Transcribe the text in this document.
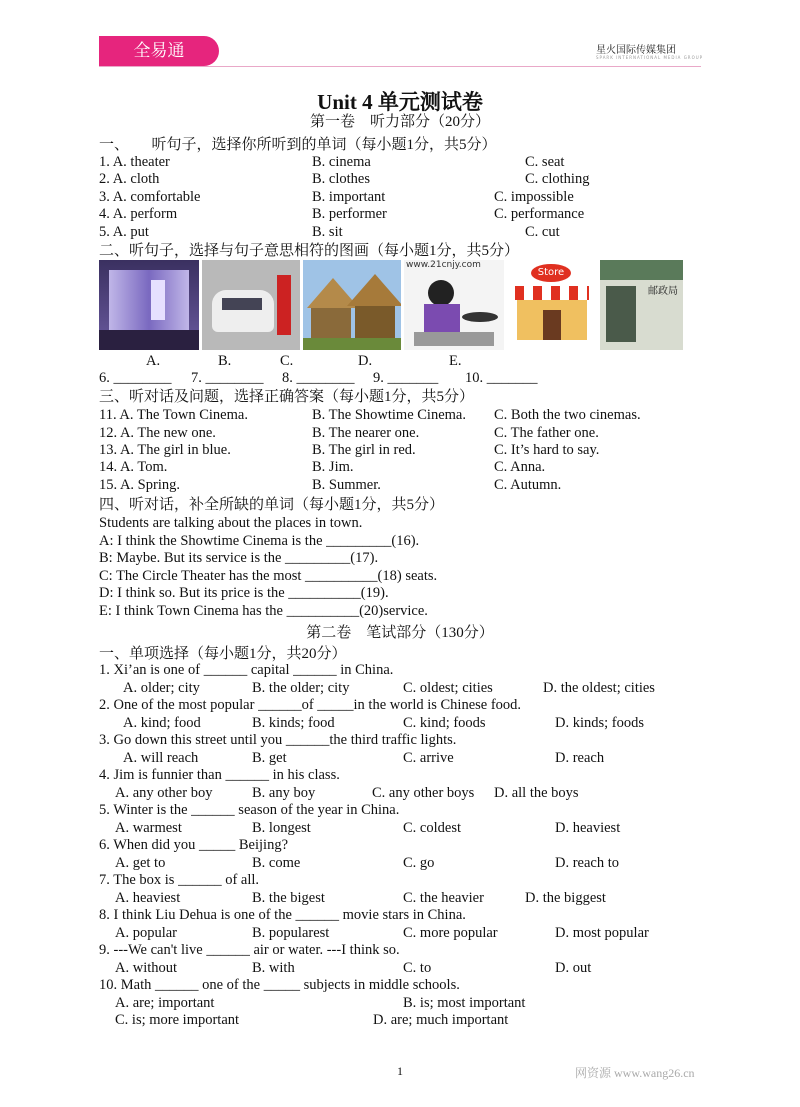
全易通	星火国际传媒集团
SPARK INTERNATIONAL MEDIA GROUP
Unit 4 单元测试卷
第一卷　听力部分（20分）
一、　　听句子，选择你所听到的单词（每小题1分，共5分）
1. A. theater	B. cinema	C. seat
2. A. cloth	B. clothes	C. clothing
3. A. comfortable	B. important	C. impossible
4. A. perform	B. performer	C. performance
5. A. put	B. sit	C. cut
二、听句子，选择与句子意思相符的图画（每小题1分，共5分）
www.21cnjy.com
Store
邮政局
A.	B.	C.	D.	E.
6. ________ 7. ________ 8. ________ 9. _______ 10. _______
三、听对话及问题，选择正确答案（每小题1分，共5分）
11. A. The Town Cinema.	B. The Showtime Cinema. C. Both the two cinemas.
12. A. The new one.	B. The nearer one.	C. The father one.
13. A. The girl in blue.	B. The girl in red.	C. It’s hard to say.
14. A. Tom.	B. Jim.	C. Anna.
15. A. Spring.	B. Summer.	C. Autumn.
四、听对话，补全所缺的单词（每小题1分，共5分）
Students are talking about the places in town.
A: I think the Showtime Cinema is the _________(16).
B: Maybe. But its service is the _________(17).
C: The Circle Theater has the most __________(18) seats.
D: I think so. But its price is the __________(19).
E: I think Town Cinema has the __________(20)service.
第二卷　笔试部分（130分）
一、单项选择（每小题1分，共20分）
1. Xi’an is one of ______ capital ______ in China.
A. older; city	B. the older; city	C. oldest; cities	D. the oldest; cities
2. One of the most popular ______of _____in the world is Chinese food.
A. kind; food	B. kinds; food	C. kind; foods	D. kinds; foods
3. Go down this street until you ______the third traffic lights.
A. will reach	B. get	C. arrive	D. reach
4. Jim is funnier than ______ in his class.
A. any other boy	B. any boy	C. any other boys D. all the boys
5. Winter is the ______ season of the year in China.
A. warmest	B. longest	C. coldest	D. heaviest
6. When did you _____ Beijing?
A. get to	B. come	C. go	D. reach to
7. The box is ______ of all.
A. heaviest	B. the bigest	C. the heavier	D. the biggest
8. I think Liu Dehua is one of the ______ movie stars in China.
A. popular	B. popularest	C. more popular	D. most popular
9. ---We can't live ______ air or water. ---I think so.
A. without	B. with	C. to	D. out
10. Math ______ one of the _____ subjects in middle schools.
A. are; important	B. is; most important
C. is; more important	D. are; much important
1	网资源 www.wang26.cn
